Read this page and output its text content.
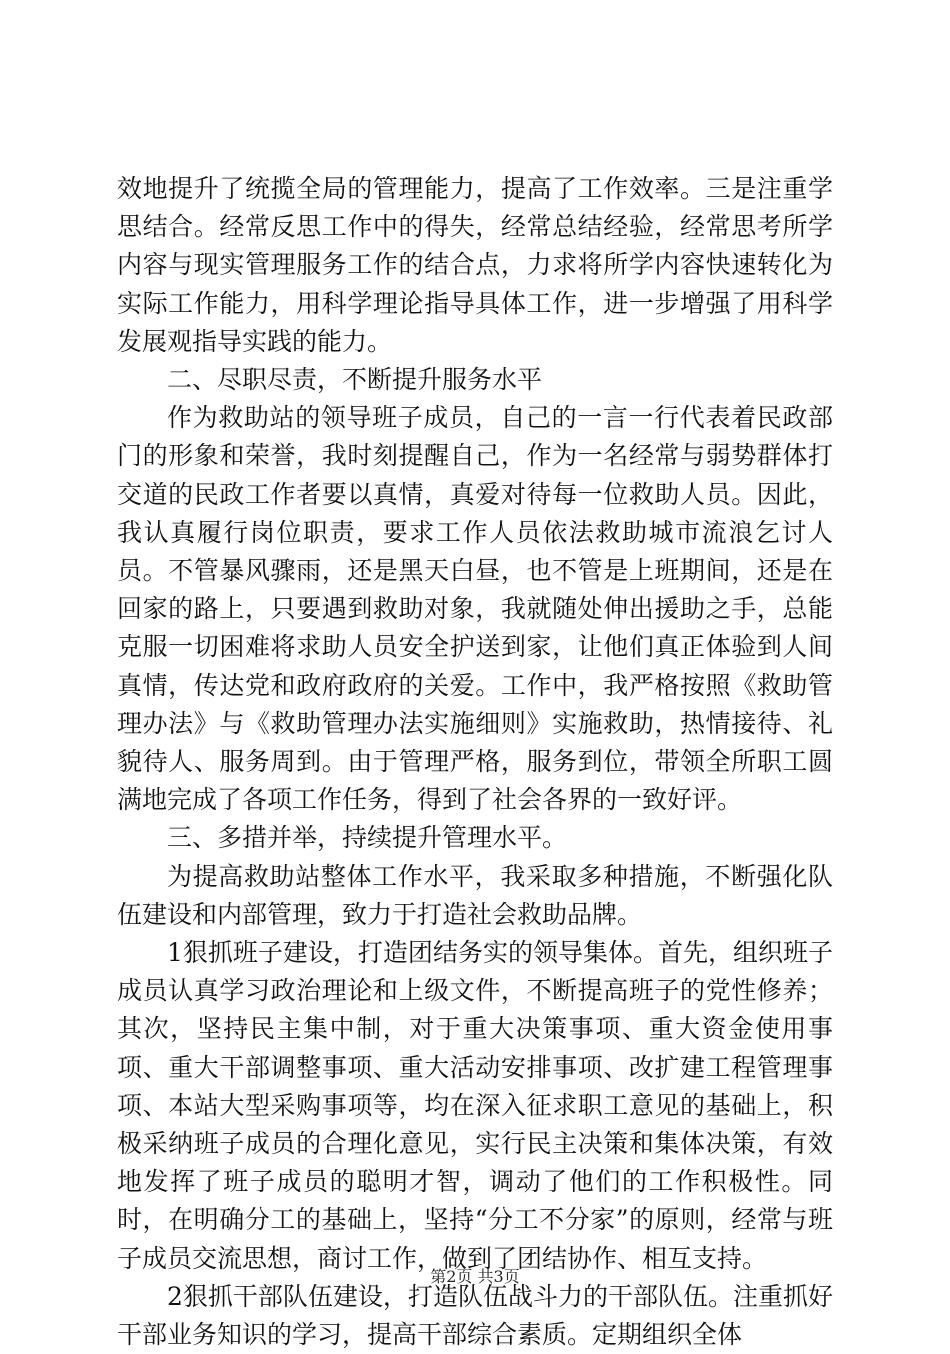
效地提升了统揽全局的管理能力，提高了工作效率。三是注重学思结合。经常反思工作中的得失，经常总结经验，经常思考所学内容与现实管理服务工作的结合点，力求将所学内容快速转化为实际工作能力，用科学理论指导具体工作，进一步增强了用科学发展观指导实践的能力。

二、尽职尽责，不断提升服务水平

作为救助站的领导班子成员，自己的一言一行代表着民政部门的形象和荣誉，我时刻提醒自己，作为一名经常与弱势群体打交道的民政工作者要以真情，真爱对待每一位救助人员。因此，我认真履行岗位职责，要求工作人员依法救助城市流浪乞讨人员。不管暴风骤雨，还是黑天白昼，也不管是上班期间，还是在回家的路上，只要遇到救助对象，我就随处伸出援助之手，总能克服一切困难将求助人员安全护送到家，让他们真正体验到人间真情，传达党和政府政府的关爱。工作中，我严格按照《救助管理办法》与《救助管理办法实施细则》实施救助，热情接待、礼貌待人、服务周到。由于管理严格，服务到位，带领全所职工圆满地完成了各项工作任务，得到了社会各界的一致好评。

三、多措并举，持续提升管理水平。

为提高救助站整体工作水平，我采取多种措施，不断强化队伍建设和内部管理，致力于打造社会救助品牌。

1狠抓班子建设，打造团结务实的领导集体。首先，组织班子成员认真学习政治理论和上级文件，不断提高班子的党性修养；其次，坚持民主集中制，对于重大决策事项、重大资金使用事项、重大干部调整事项、重大活动安排事项、改扩建工程管理事项、本站大型采购事项等，均在深入征求职工意见的基础上，积极采纳班子成员的合理化意见，实行民主决策和集体决策，有效地发挥了班子成员的聪明才智，调动了他们的工作积极性。同时，在明确分工的基础上，坚持“分工不分家”的原则，经常与班子成员交流思想，商讨工作，做到了团结协作、相互支持。

2狠抓干部队伍建设，打造队伍战斗力的干部队伍。注重抓好干部业务知识的学习，提高干部综合素质。定期组织全体

第2页 共3页
